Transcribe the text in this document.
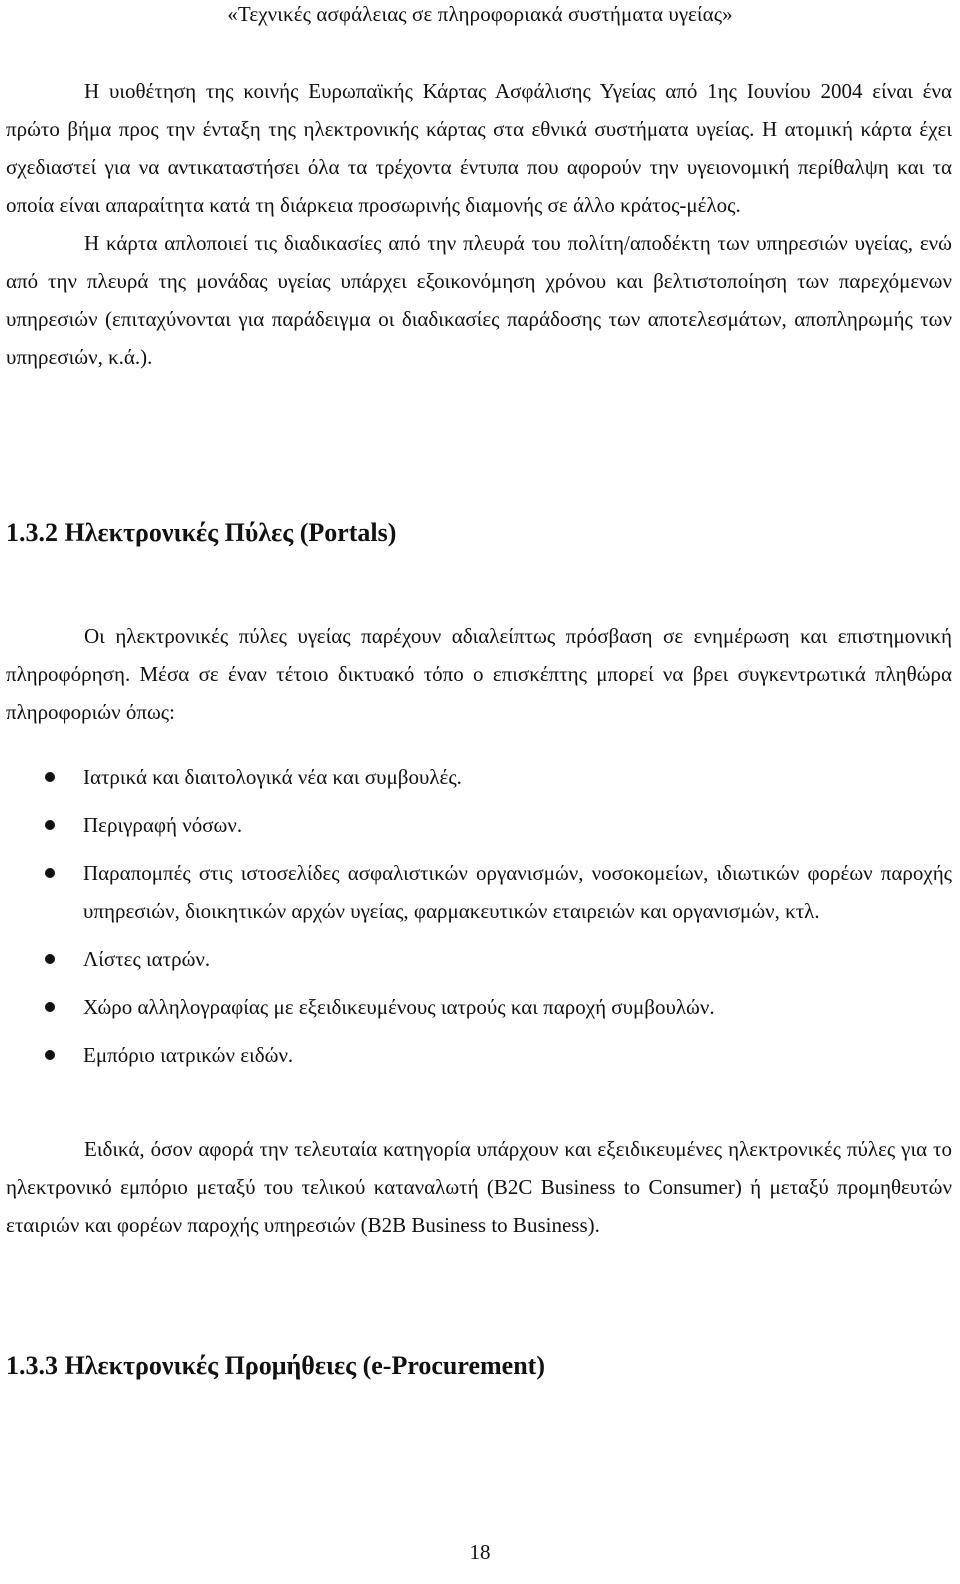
«Τεχνικές ασφάλειας σε πληροφοριακά συστήματα υγείας»

Η υιοθέτηση της κοινής Ευρωπαϊκής Κάρτας Ασφάλισης Υγείας από 1ης Ιουνίου 2004 είναι ένα πρώτο βήμα προς την ένταξη της ηλεκτρονικής κάρτας στα εθνικά συστήματα υγείας. Η ατομική κάρτα έχει σχεδιαστεί για να αντικαταστήσει όλα τα τρέχοντα έντυπα που αφορούν την υγειονομική περίθαλψη και τα οποία είναι απαραίτητα κατά τη διάρκεια προσωρινής διαμονής σε άλλο κράτος-μέλος.

Η κάρτα απλοποιεί τις διαδικασίες από την πλευρά του πολίτη/αποδέκτη των υπηρεσιών υγείας, ενώ από την πλευρά της μονάδας υγείας υπάρχει εξοικονόμηση χρόνου και βελτιστοποίηση των παρεχόμενων υπηρεσιών (επιταχύνονται για παράδειγμα οι διαδικασίες παράδοσης των αποτελεσμάτων, αποπληρωμής των υπηρεσιών, κ.ά.).

1.3.2 Ηλεκτρονικές Πύλες (Portals)

Οι ηλεκτρονικές πύλες υγείας παρέχουν αδιαλείπτως πρόσβαση σε ενημέρωση και επιστημονική πληροφόρηση. Μέσα σε έναν τέτοιο δικτυακό τόπο ο επισκέπτης μπορεί να βρει συγκεντρωτικά πληθώρα πληροφοριών όπως:

Ιατρικά και διαιτολογικά νέα και συμβουλές.
Περιγραφή νόσων.
Παραπομπές στις ιστοσελίδες ασφαλιστικών οργανισμών, νοσοκομείων, ιδιωτικών φορέων παροχής υπηρεσιών, διοικητικών αρχών υγείας, φαρμακευτικών εταιρειών και οργανισμών, κτλ.
Λίστες ιατρών.
Χώρο αλληλογραφίας με εξειδικευμένους ιατρούς και παροχή συμβουλών.
Εμπόριο ιατρικών ειδών.

Ειδικά, όσον αφορά την τελευταία κατηγορία υπάρχουν και εξειδικευμένες ηλεκτρονικές πύλες για το ηλεκτρονικό εμπόριο μεταξύ του τελικού καταναλωτή (B2C Business to Consumer) ή μεταξύ προμηθευτών εταιριών και φορέων παροχής υπηρεσιών (B2B Business to Business).

1.3.3 Ηλεκτρονικές Προμήθειες (e-Procurement)
18
